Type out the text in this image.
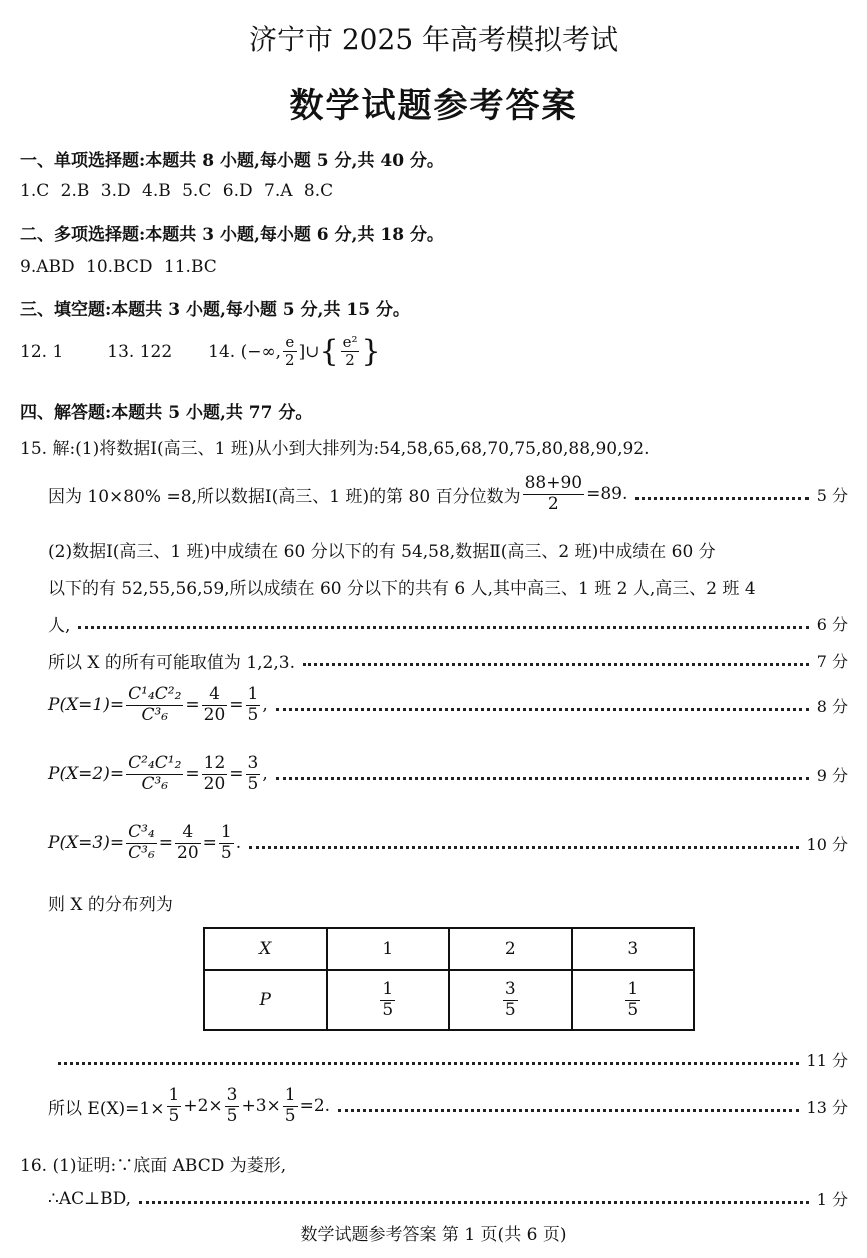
济宁市 2025 年高考模拟考试
数学试题参考答案
一、单项选择题:本题共 8 小题,每小题 5 分,共 40 分。
1.C 2.B 3.D 4.B 5.C 6.D 7.A 8.C
二、多项选择题:本题共 3 小题,每小题 6 分,共 18 分。
9.ABD 10.BCD 11.BC
三、填空题:本题共 3 小题,每小题 5 分,共 15 分。
12. 1	13. 122 14. (−∞, $\frac{e}{2}$ ]∪ { $\frac{\text{e²}}{2}$ }
四、解答题:本题共 5 小题,共 77 分。
15. 解:(1)将数据Ⅰ(高三、1 班)从小到大排列为:54,58,65,68,70,75,80,88,90,92.
因为 10×80% =8,所以数据Ⅰ(高三、1 班)的第 80 百分位数为 $\frac{88+90}{2} =89$.	5 分
(2)数据Ⅰ(高三、1 班)中成绩在 60 分以下的有 54,58,数据Ⅱ(高三、2 班)中成绩在 60 分
以下的有 52,55,56,59,所以成绩在 60 分以下的共有 6 人,其中高三、1 班 2 人,高三、2 班 4
人,	6 分
所以 X 的所有可能取值为 1,2,3.	7 分
$P(X=1)= \frac{\text{C¹₄C²₂}}{\text{C³₆}} = \frac{4}{20} = \frac{1}{5}$ ,	8 分
$P(X=2)= \frac{\text{C²₄C¹₂}}{\text{C³₆}} = \frac{12}{20} = \frac{3}{5}$ ,	9 分
$P(X=3)= \frac{\text{C³₄}}{\text{C³₆}} = \frac{4}{20} = \frac{1}{5}$ .	10 分
则 X 的分布列为
X	1	2	3
P	$\frac{1}{5}$	$\frac{3}{5}$	$\frac{1}{5}$
11 分
所以 $E(X)=1\times \frac{1}{5} +2\times \frac{3}{5} +3\times \frac{1}{5} =2$.	13 分
16. (1)证明:∵底面 ABCD 为菱形,
∴AC⊥BD,	1 分
数学试题参考答案 第 1 页(共 6 页)
